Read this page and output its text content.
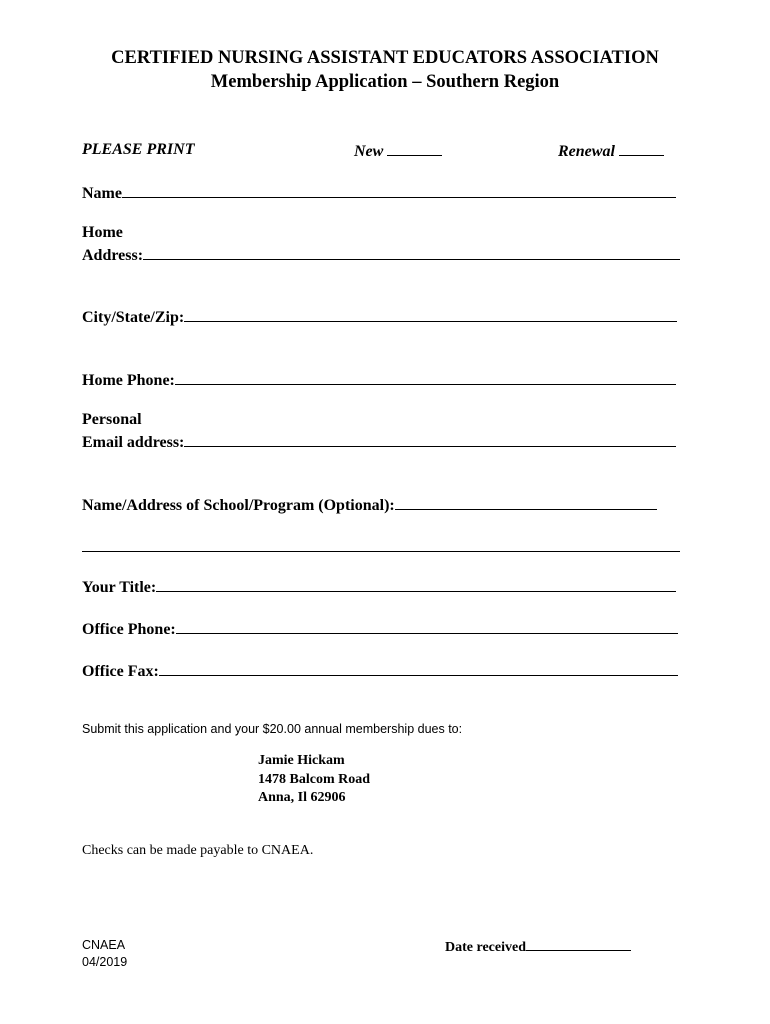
CERTIFIED NURSING ASSISTANT EDUCATORS ASSOCIATION
Membership Application – Southern Region
PLEASE PRINT	New	Renewal
Name
Home
Address:
City/State/Zip:
Home Phone:
Personal
Email address:
Name/Address of School/Program (Optional):
Your Title:
Office Phone:
Office Fax:
Submit this application and your $20.00 annual membership dues to:
Jamie Hickam
1478 Balcom Road
Anna, Il 62906
Checks can be made payable to CNAEA.
CNAEA
04/2019
Date received
